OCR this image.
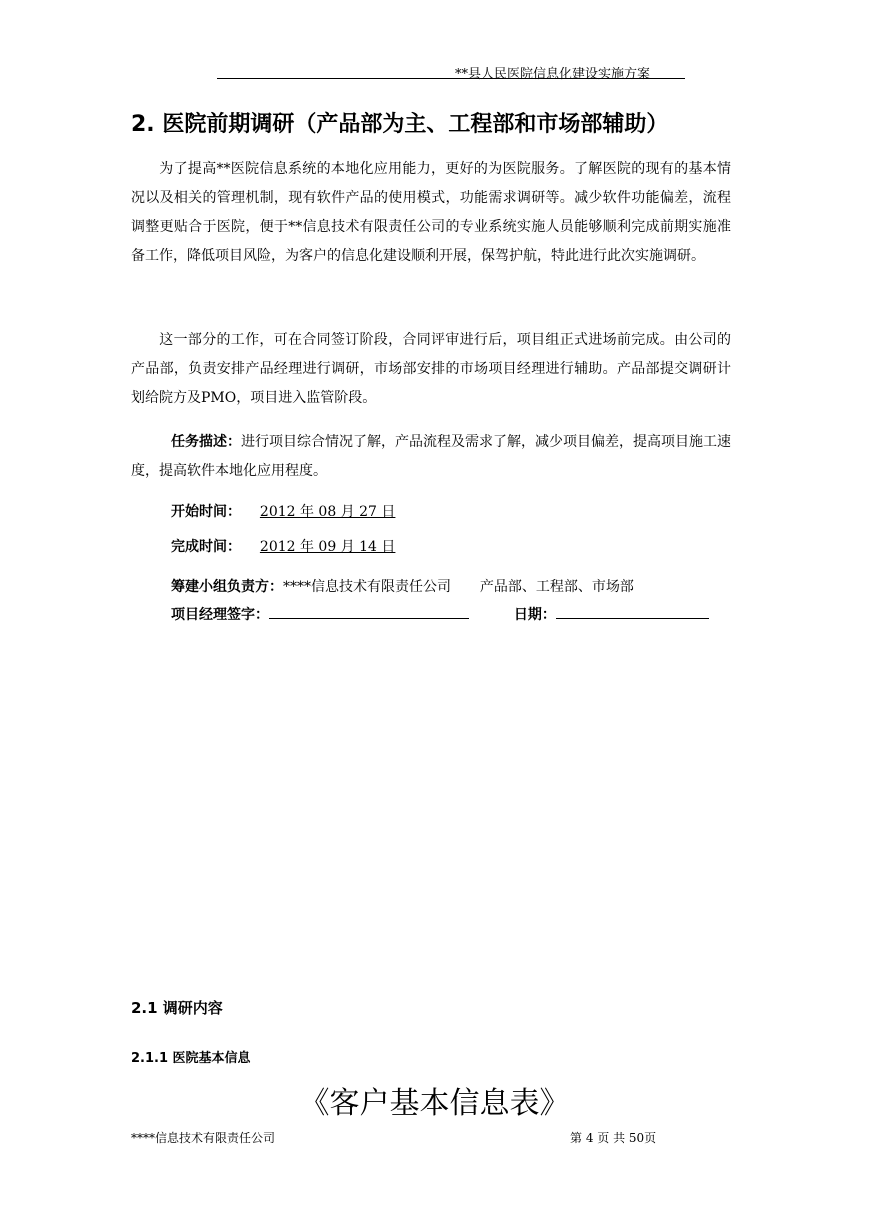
**县人民医院信息化建设实施方案
2. 医院前期调研（产品部为主、工程部和市场部辅助）
为了提高**医院信息系统的本地化应用能力，更好的为医院服务。了解医院的现有的基本情况以及相关的管理机制，现有软件产品的使用模式，功能需求调研等。减少软件功能偏差，流程调整更贴合于医院，便于**信息技术有限责任公司的专业系统实施人员能够顺利完成前期实施准备工作，降低项目风险，为客户的信息化建设顺利开展，保驾护航，特此进行此次实施调研。
这一部分的工作，可在合同签订阶段，合同评审进行后，项目组正式进场前完成。由公司的产品部，负责安排产品经理进行调研，市场部安排的市场项目经理进行辅助。产品部提交调研计划给院方及PMO，项目进入监管阶段。
任务描述：进行项目综合情况了解，产品流程及需求了解，减少项目偏差，提高项目施工速度，提高软件本地化应用程度。
开始时间： 2012 年 08 月 27 日
完成时间： 2012 年 09 月 14 日
筹建小组负责方：****信息技术有限责任公司 产品部、工程部、市场部
项目经理签字：	日期：
2.1 调研内容
2.1.1 医院基本信息
《客户基本信息表》
****信息技术有限责任公司	第 4 页 共 50页
